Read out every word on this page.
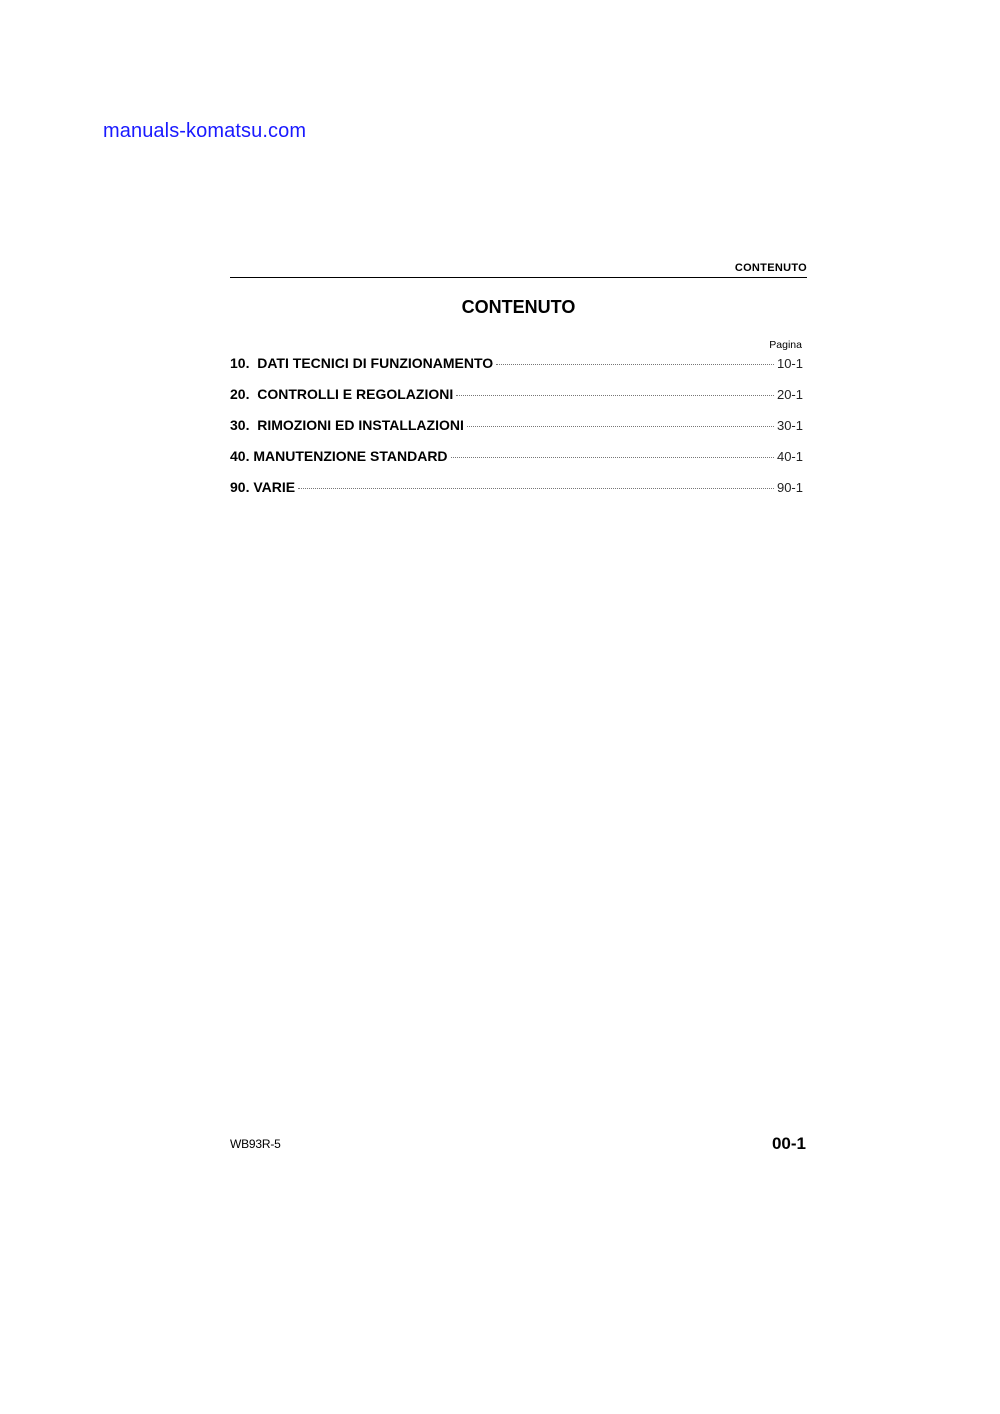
manuals-komatsu.com
CONTENUTO
CONTENUTO
Pagina
10.  DATI TECNICI DI FUNZIONAMENTO	10-1
20.  CONTROLLI E REGOLAZIONI	20-1
30.  RIMOZIONI ED INSTALLAZIONI	30-1
40. MANUTENZIONE STANDARD	40-1
90. VARIE	90-1
WB93R-5	00-1
